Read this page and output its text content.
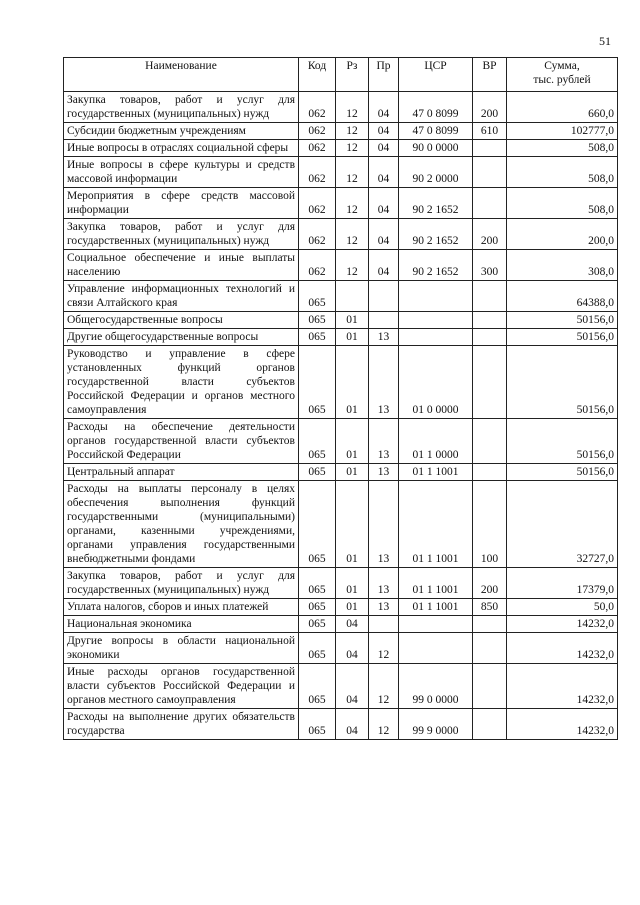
51
Наименование	Код	Рз	Пр	ЦСР	ВР	Сумма,
тыс. рублей

Закупка товаров, работ и услуг для государственных (муниципальных) нужд	062	12	04	47 0 8099	200	660,0
Субсидии бюджетным учреждениям	062	12	04	47 0 8099	610	102777,0
Иные вопросы в отраслях социальной сферы	062	12	04	90 0 0000		508,0
Иные вопросы в сфере культуры и средств массовой информации	062	12	04	90 2 0000		508,0
Мероприятия в сфере средств массовой информации	062	12	04	90 2 1652		508,0
Закупка товаров, работ и услуг для государственных (муниципальных) нужд	062	12	04	90 2 1652	200	200,0
Социальное обеспечение и иные выплаты населению	062	12	04	90 2 1652	300	308,0
Управление информационных технологий и связи Алтайского края	065					64388,0
Общегосударственные вопросы	065	01				50156,0
Другие общегосударственные вопросы	065	01	13			50156,0
Руководство и управление в сфере установленных функций органов государственной власти субъектов Российской Федерации и органов местного самоуправления	065	01	13	01 0 0000		50156,0
Расходы на обеспечение деятельности органов государственной власти субъектов Российской Федерации	065	01	13	01 1 0000		50156,0
Центральный аппарат	065	01	13	01 1 1001		50156,0
Расходы на выплаты персоналу в целях обеспечения выполнения функций государственными (муниципальными) органами, казенными учреждениями, органами управления государственными внебюджетными фондами	065	01	13	01 1 1001	100	32727,0
Закупка товаров, работ и услуг для государственных (муниципальных) нужд	065	01	13	01 1 1001	200	17379,0
Уплата налогов, сборов и иных платежей	065	01	13	01 1 1001	850	50,0
Национальная экономика	065	04				14232,0
Другие вопросы в области национальной экономики	065	04	12			14232,0
Иные расходы органов государственной власти субъектов Российской Федерации и органов местного самоуправления	065	04	12	99 0 0000		14232,0
Расходы на выполнение других обязательств государства	065	04	12	99 9 0000		14232,0
